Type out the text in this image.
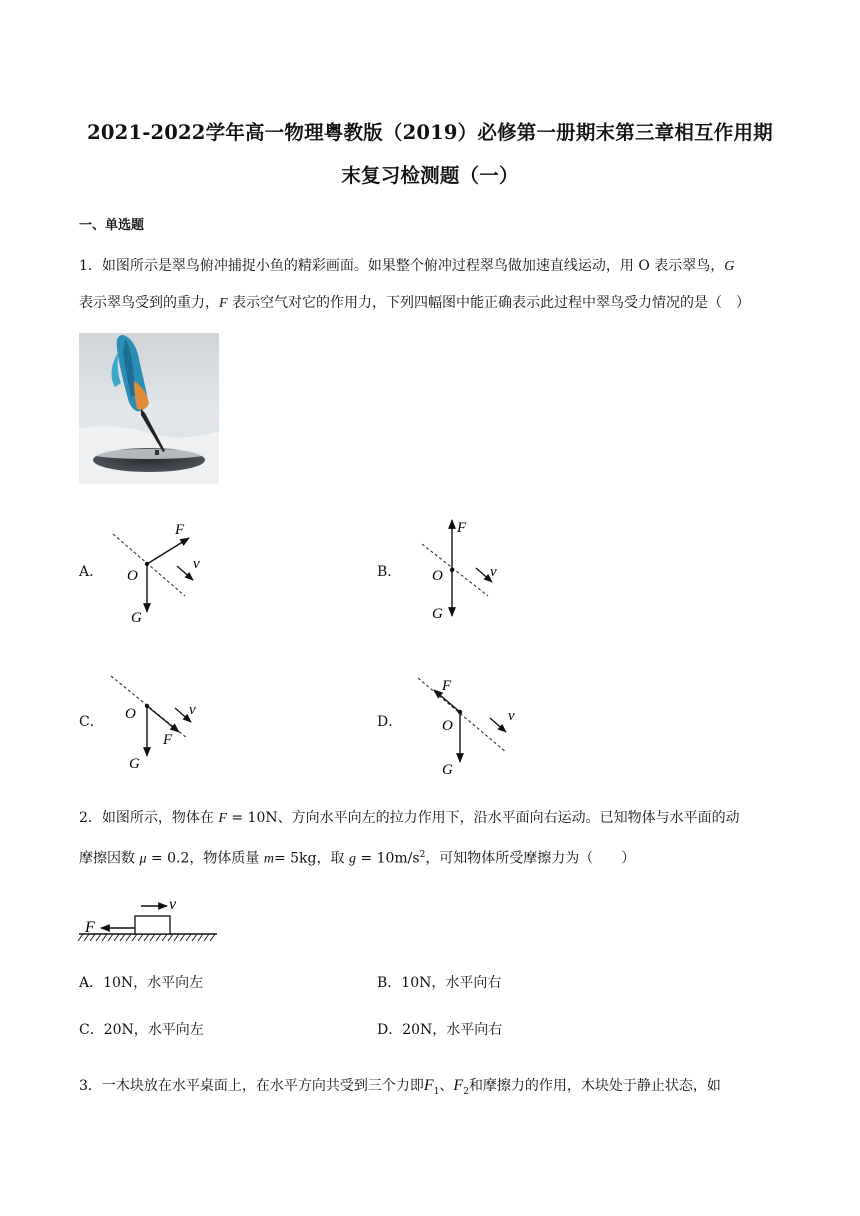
2021-2022学年高一物理粤教版（2019）必修第一册期末第三章相互作用期
末复习检测题（一）
一、单选题
1．如图所示是翠鸟俯冲捕捉小鱼的精彩画面。如果整个俯冲过程翠鸟做加速直线运动，用 O 表示翠鸟，G
表示翠鸟受到的重力，F 表示空气对它的作用力，下列四幅图中能正确表示此过程中翠鸟受力情况的是（　）
A．
F
O
v
G
B．
F
O	v
G
C． O	v
F
G
D．
F
O
v
G
2．如图所示，物体在 F = 10N、方向水平向左的拉力作用下，沿水平面向右运动。已知物体与水平面的动
摩擦因数 μ = 0.2，物体质量 m= 5kg，取 $g = 10m/s^2$，可知物体所受摩擦力为（　　）
F
v
A．10N，水平向左	B．10N，水平向右
C．20N，水平向左	D．20N，水平向右
3．一木块放在水平桌面上，在水平方向共受到三个力即$F_1$、$F_2$和摩擦力的作用，木块处于静止状态，如
